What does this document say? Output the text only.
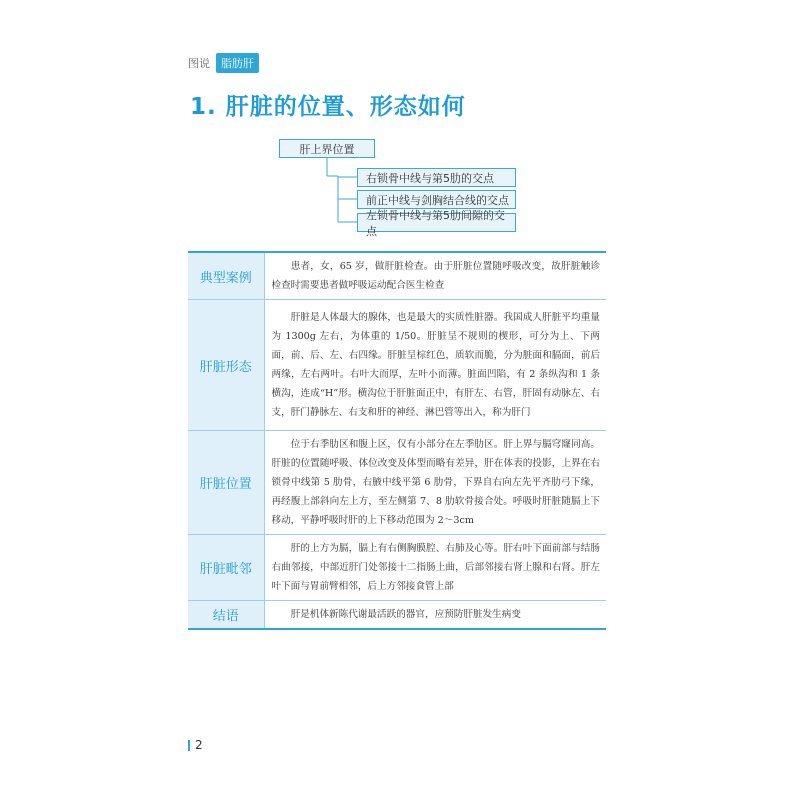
图说	脂肪肝
1. 肝脏的位置、形态如何
肝上界位置
右锁骨中线与第5肋的交点
前正中线与剑胸结合线的交点
左锁骨中线与第5肋间隙的交点
典型案例	患者，女，65 岁，做肝脏检查。由于肝脏位置随呼吸改变，故肝脏触诊检查时需要患者做呼吸运动配合医生检查
肝脏形态	肝脏是人体最大的腺体，也是最大的实质性脏器。我国成人肝脏平均重量为 1300g 左右，为体重的 1/50。肝脏呈不规则的楔形，可分为上、下两面，前、后、左、右四缘。肝脏呈棕红色，质软而脆，分为脏面和膈面，前后两缘，左右两叶。右叶大而厚，左叶小而薄。脏面凹陷，有 2 条纵沟和 1 条横沟，连成“H”形。横沟位于肝脏面正中，有肝左、右管，肝固有动脉左、右支，肝门静脉左、右支和肝的神经、淋巴管等出入，称为肝门
肝脏位置	位于右季肋区和腹上区，仅有小部分在左季肋区。肝上界与膈穹窿同高。肝脏的位置随呼吸、体位改变及体型而略有差异，肝在体表的投影，上界在右锁骨中线第 5 肋骨，右腋中线平第 6 肋骨，下界自右向左先平齐肋弓下缘，再经腹上部斜向左上方，至左侧第 7、8 肋软骨接合处。呼吸时肝脏随膈上下移动，平静呼吸时肝的上下移动范围为 2～3cm
肝脏毗邻	肝的上方为膈，膈上有右侧胸膜腔、右肺及心等。肝右叶下面前部与结肠右曲邻接，中部近肝门处邻接十二指肠上曲，后部邻接右肾上腺和右肾。肝左叶下面与胃前臂相邻，后上方邻接食管上部
结语	肝是机体新陈代谢最活跃的器官，应预防肝脏发生病变
2
